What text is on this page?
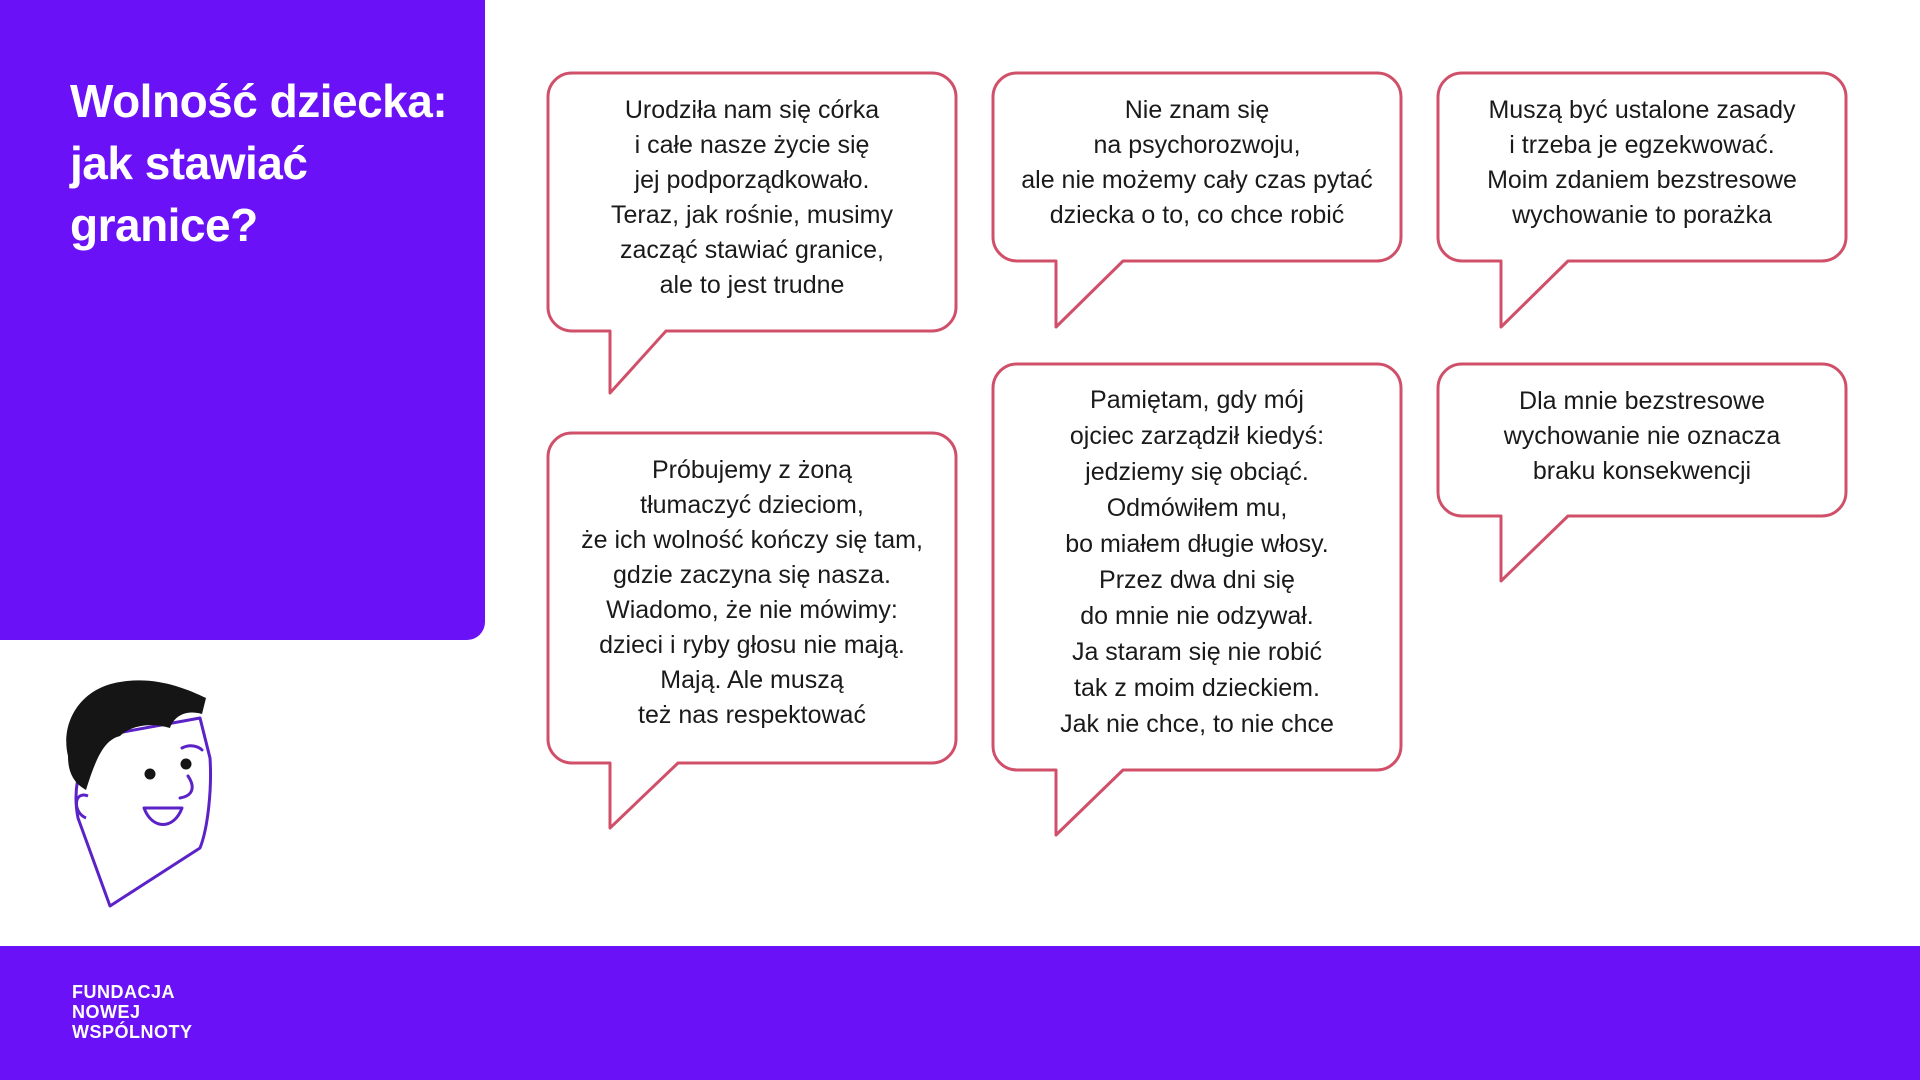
Wolność dziecka:
jak stawiać
granice?
Urodziła nam się córka
i całe nasze życie się
jej podporządkowało.
Teraz, jak rośnie, musimy
zacząć stawiać granice,
ale to jest trudne
Nie znam się
na psychorozwoju,
ale nie możemy cały czas pytać
dziecka o to, co chce robić
Muszą być ustalone zasady
i trzeba je egzekwować.
Moim zdaniem bezstresowe
wychowanie to porażka
Próbujemy z żoną
tłumaczyć dzieciom,
że ich wolność kończy się tam,
gdzie zaczyna się nasza.
Wiadomo, że nie mówimy:
dzieci i ryby głosu nie mają.
Mają. Ale muszą
też nas respektować
Pamiętam, gdy mój
ojciec zarządził kiedyś:
jedziemy się obciąć.
Odmówiłem mu,
bo miałem długie włosy.
Przez dwa dni się
do mnie nie odzywał.
Ja staram się nie robić
tak z moim dzieckiem.
Jak nie chce, to nie chce
Dla mnie bezstresowe
wychowanie nie oznacza
braku konsekwencji
FUNDACJA
NOWEJ
WSPÓLNOTY
